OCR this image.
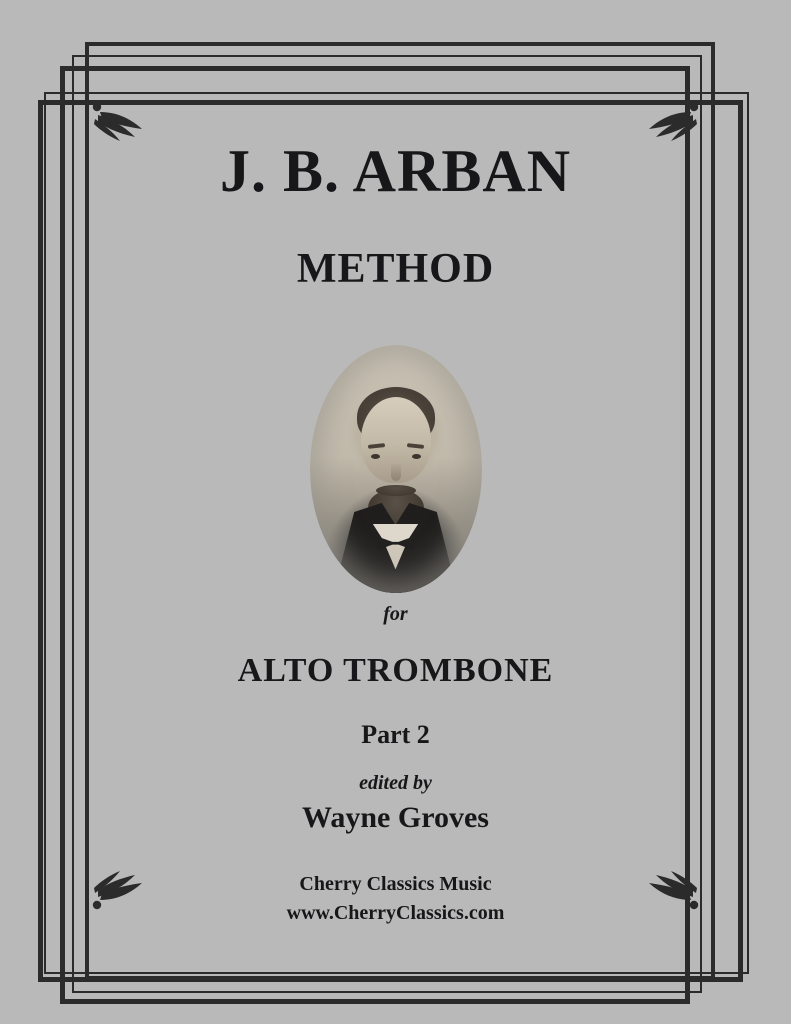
J. B. ARBAN
METHOD
for
ALTO TROMBONE
Part 2
edited by
Wayne Groves
Cherry Classics Music
www.CherryClassics.com
